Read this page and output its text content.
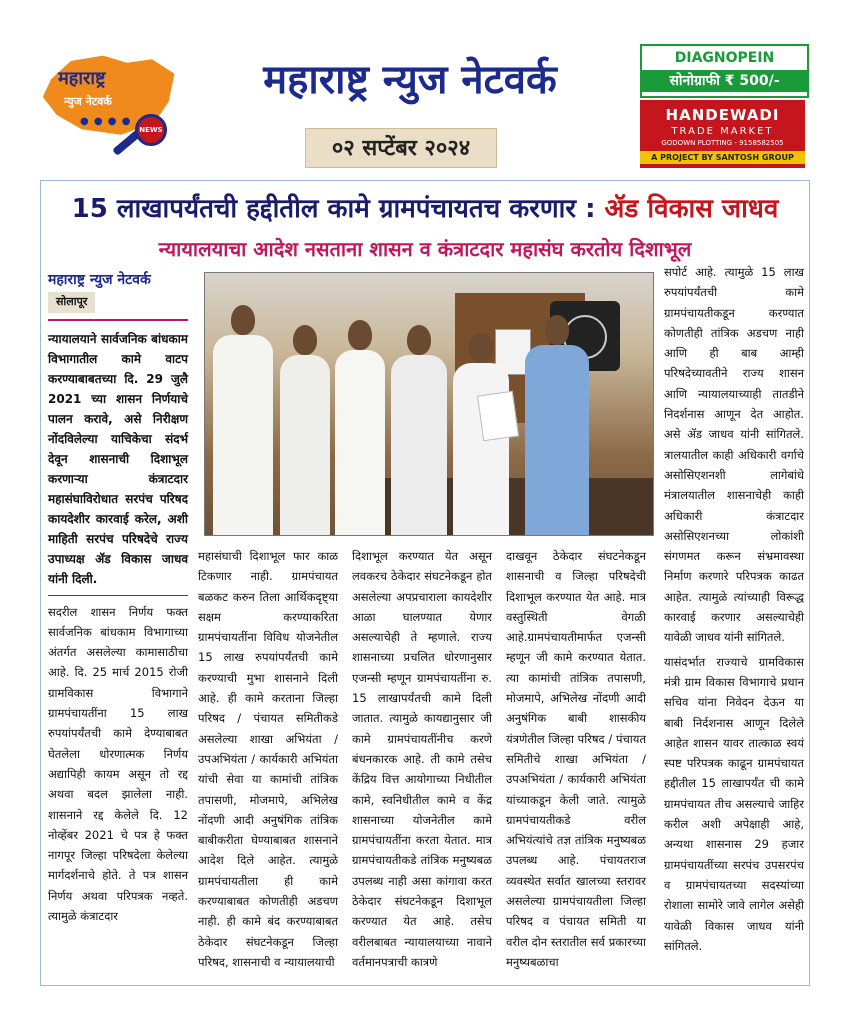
महाराष्ट्र
न्युज नेटवर्क
● ● ● ●
NEWS
महाराष्ट्र न्युज नेटवर्क
०२ सप्टेंबर २०२४
DIAGNOPEIN
सोनोग्राफी ₹ 500/-
HANDEWADI
TRADE MARKET
GODOWN PLOTTING - 9158582505
A PROJECT BY SANTOSH GROUP
15 लाखापर्यंतची हद्दीतील कामे ग्रामपंचायतच करणार : ॲड विकास जाधव
न्यायालयाचा आदेश नसताना शासन व कंत्राटदार महासंघ करतोय दिशाभूल
महाराष्ट्र न्युज नेटवर्क
सोलापूर

न्यायालयाने सार्वजनिक बांधकाम विभागातील कामे वाटप करण्याबाबतच्या दि. 29 जुलै 2021 च्या शासन निर्णयाचे पालन करावे, असे निरीक्षण नोंदविलेल्या याचिकेचा संदर्भ देवून शासनाची दिशाभूल करणाऱ्या कंत्राटदार महासंघाविरोधात सरपंच परिषद कायदेशीर कारवाई करेल, अशी माहिती सरपंच परिषदेचे राज्य उपाध्यक्ष ॲड विकास जाधव यांनी दिली.

सदरील शासन निर्णय फक्त सार्वजनिक बांधकाम विभागाच्या अंतर्गत असलेल्या कामासाठीचा आहे. दि. 25 मार्च 2015 रोजी ग्रामविकास विभागाने ग्रामपंचायतींना 15 लाख रुपयांपर्यंतची कामे देण्याबाबत घेतलेला धोरणात्मक निर्णय अद्यापिही कायम असून तो रद्द अथवा बदल झालेला नाही. शासनाने रद्द केलेले दि. 12 नोव्हेंबर 2021 चे पत्र हे फक्त नागपूर जिल्हा परिषदेला केलेल्या मार्गदर्शनाचे होते. ते पत्र शासन निर्णय अथवा परिपत्रक नव्हते. त्यामुळे कंत्राटदार

महासंघाची दिशाभूल फार काळ टिकणार नाही. ग्रामपंचायत बळकट करुन तिला आर्थिकदृष्ट्या सक्षम करण्याकरिता ग्रामपंचायतींना विविध योजनेतील 15 लाख रुपयांपर्यंतची कामे करण्याची मुभा शासनाने दिली आहे. ही कामे करताना जिल्हा परिषद / पंचायत समितीकडे असलेल्या शाखा अभियंता /उपअभियंता / कार्यकारी अभियंता यांची सेवा या कामांची तांत्रिक तपासणी, मोजमापे, अभिलेख नोंदणी आदी अनुषंगिक तांत्रिक बाबीकरीता घेण्याबाबत शासनाने आदेश दिले आहेत. त्यामुळे ग्रामपंचायतीला ही कामे करण्याबाबत कोणतीही अडचण नाही. ही कामे बंद करण्याबाबत ठेकेदार संघटनेकडून जिल्हा परिषद, शासनाची व न्यायालयाची

दिशाभूल करण्यात येत असून लवकरच ठेकेदार संघटनेकडून होत असलेल्या अपप्रचाराला कायदेशीर आळा घालण्यात येणार असल्याचेही ते म्हणाले. राज्य शासनाच्या प्रचलित धोरणानुसार एजन्सी म्हणून ग्रामपंचायतींना रु. 15 लाखापर्यंतची कामे दिली जातात. त्यामुळे कायद्यानुसार जी कामे ग्रामपंचायतींनीच करणे बंधनकारक आहे. ती कामे तसेच केंद्रिय वित्त आयोगाच्या निधीतील कामे, स्वनिधीतील कामे व केंद्र शासनाच्या योजनेतील कामे ग्रामपंचायतींना करता येतात. मात्र ग्रामपंचायतीकडे तांत्रिक मनुष्यबळ उपलब्ध नाही असा कांगावा करत ठेकेदार संघटनेकडून दिशाभूल करण्यात येत आहे. तसेच वरीलबाबत न्यायालयाच्या नावाने वर्तमानपत्राची कात्रणे

दाखवून ठेकेदार संघटनेकडून शासनाची व जिल्हा परिषदेची दिशाभूल करण्यात येत आहे. मात्र वस्तुस्थिती वेगळी आहे.ग्रामपंचायतीमार्फत एजन्सी म्हणून जी कामे करण्यात येतात. त्या कामांची तांत्रिक तपासणी, मोजमापे, अभिलेख नोंदणी आदी अनुषंगिक बाबी शासकीय यंत्रणेतील जिल्हा परिषद / पंचायत समितीचे शाखा अभियंता / उपअभियंता / कार्यकारी अभियंता यांच्याकडून केली जाते. त्यामुळे ग्रामपंचायतीकडे वरील अभियंत्यांचे तज्ञ तांत्रिक मनुष्यबळ उपलब्ध आहे. पंचायतराज व्यवस्थेत सर्वात खालच्या स्तरावर असलेल्या ग्रामपंचायतीला जिल्हा परिषद व पंचायत समिती या वरील दोन स्तरातील सर्व प्रकारच्या मनुष्यबळाचा

सपोर्ट आहे. त्यामुळे 15 लाख रुपयांपर्यंतची कामे ग्रामपंचायतीकडून करण्यात कोणतीही तांत्रिक अडचण नाही आणि ही बाब आम्ही परिषदेच्यावतीने राज्य शासन आणि न्यायालयाच्याही तातडीने निदर्शनास आणून देत आहोत. असे ॲड जाधव यांनी सांगितले. त्रालयातील काही अधिकारी वर्गाचे असोसिएशनशी लागेबांधे मंत्रालयातील शासनाचेही काही अधिकारी कंत्राटदार असोसिएशनच्या लोकांशी संगणमत करून संभ्रमावस्था निर्माण करणारे परिपत्रक काढत आहेत. त्यामुळे त्यांच्याही विरूद्ध कारवाई करणार असल्याचेही यावेळी जाधव यांनी सांगितले.

यासंदर्भात राज्याचे ग्रामविकास मंत्री ग्राम विकास विभागाचे प्रधान सचिव यांना निवेदन देऊन या बाबी निर्दशनास आणून दिलेले आहेत शासन यावर तात्काळ स्वयं स्पष्ट परिपत्रक काढून ग्रामपंचायत हद्दीतील 15 लाखापर्यंत ची कामे ग्रामपंचायत तीच असल्याचे जाहिर करील अशी अपेक्षाही आहे, अन्यथा शासनास 29 हजार ग्रामपंचायतींच्या सरपंच उपसरपंच व ग्रामपंचायतच्या सदस्यांच्या रोशाला सामोरे जावे लागेल असेही यावेळी विकास जाधव यांनी सांगितले.
